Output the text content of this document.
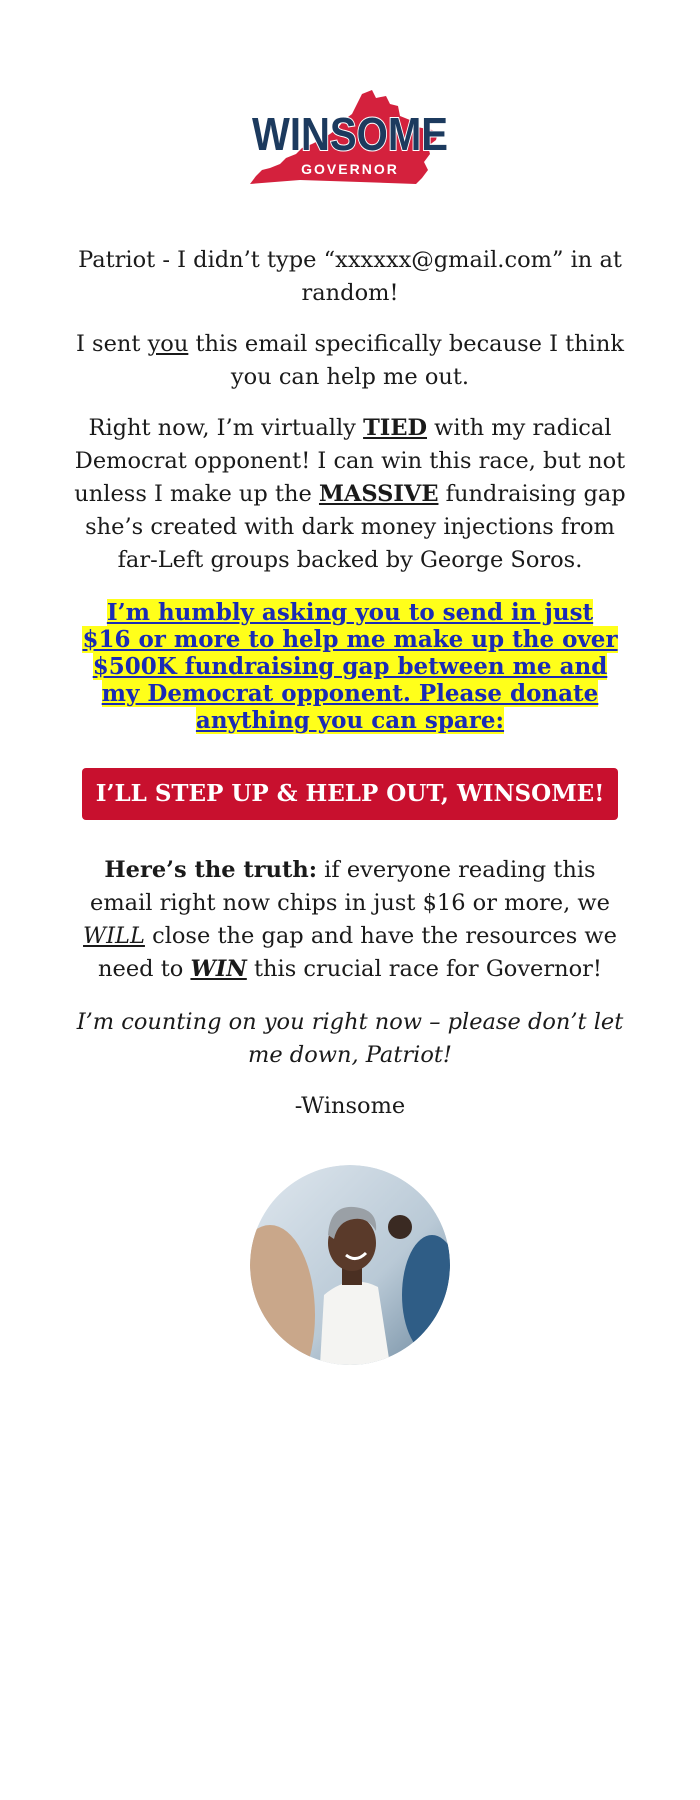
WINSOME
GOVERNOR

Patriot - I didn’t type “xxxxxx@gmail.com” in at random!

I sent you this email specifically because I think you can help me out.

Right now, I’m virtually TIED with my radical Democrat opponent! I can win this race, but not unless I make up the MASSIVE fundraising gap she’s created with dark money injections from far-Left groups backed by George Soros.

I’m humbly asking you to send in just $16 or more to help me make up the over $500K fundraising gap between me and my Democrat opponent. Please donate anything you can spare:
I’LL STEP UP & HELP OUT, WINSOME!

Here’s the truth: if everyone reading this email right now chips in just $16 or more, we WILL close the gap and have the resources we need to WIN this crucial race for Governor!

I’m counting on you right now – please don’t let me down, Patriot!

-Winsome
